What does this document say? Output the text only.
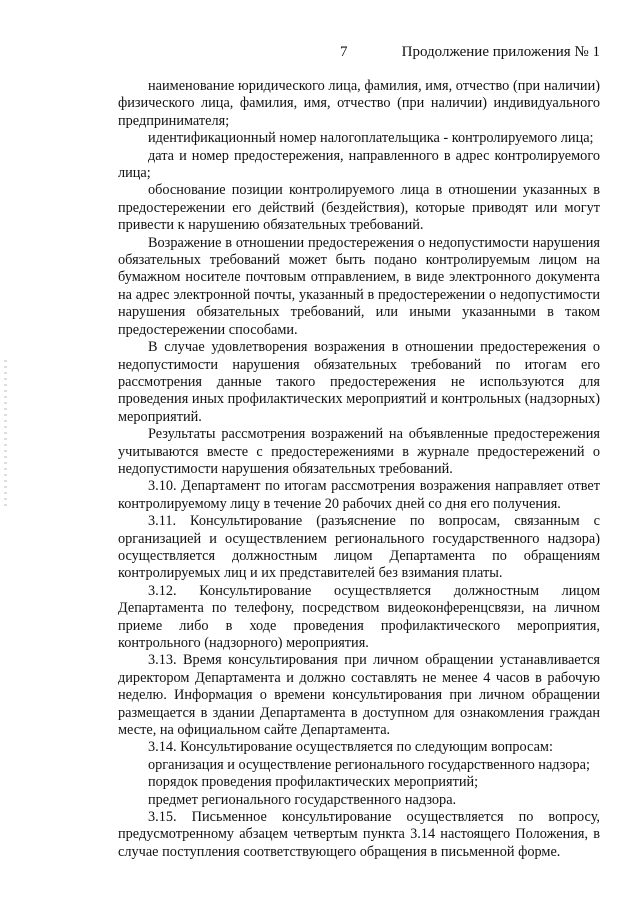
7	Продолжение приложения № 1

наименование юридического лица, фамилия, имя, отчество (при наличии) физического лица, фамилия, имя, отчество (при наличии) индивидуального предпринимателя;

идентификационный номер налогоплательщика - контролируемого лица;

дата и номер предостережения, направленного в адрес контролируемого лица;

обоснование позиции контролируемого лица в отношении указанных в предостережении его действий (бездействия), которые приводят или могут привести к нарушению обязательных требований.

Возражение в отношении предостережения о недопустимости нарушения обязательных требований может быть подано контролируемым лицом на бумажном носителе почтовым отправлением, в виде электронного документа на адрес электронной почты, указанный в предостережении о недопустимости нарушения обязательных требований, или иными указанными в таком предостережении способами.

В случае удовлетворения возражения в отношении предостережения о недопустимости нарушения обязательных требований по итогам его рассмотрения данные такого предостережения не используются для проведения иных профилактических мероприятий и контрольных (надзорных) мероприятий.

Результаты рассмотрения возражений на объявленные предостережения учитываются вместе с предостережениями в журнале предостережений о недопустимости нарушения обязательных требований.

3.10. Департамент по итогам рассмотрения возражения направляет ответ контролируемому лицу в течение 20 рабочих дней со дня его получения.

3.11. Консультирование (разъяснение по вопросам, связанным с организацией и осуществлением регионального государственного надзора) осуществляется должностным лицом Департамента по обращениям контролируемых лиц и их представителей без взимания платы.

3.12. Консультирование осуществляется должностным лицом Департамента по телефону, посредством видеоконференцсвязи, на личном приеме либо в ходе проведения профилактического мероприятия, контрольного (надзорного) мероприятия.

3.13. Время консультирования при личном обращении устанавливается директором Департамента и должно составлять не менее 4 часов в рабочую неделю. Информация о времени консультирования при личном обращении размещается в здании Департамента в доступном для ознакомления граждан месте, на официальном сайте Департамента.

3.14. Консультирование осуществляется по следующим вопросам:

организация и осуществление регионального государственного надзора;

порядок проведения профилактических мероприятий;

предмет регионального государственного надзора.

3.15. Письменное консультирование осуществляется по вопросу, предусмотренному абзацем четвертым пункта 3.14 настоящего Положения, в случае поступления соответствующего обращения в письменной форме.
